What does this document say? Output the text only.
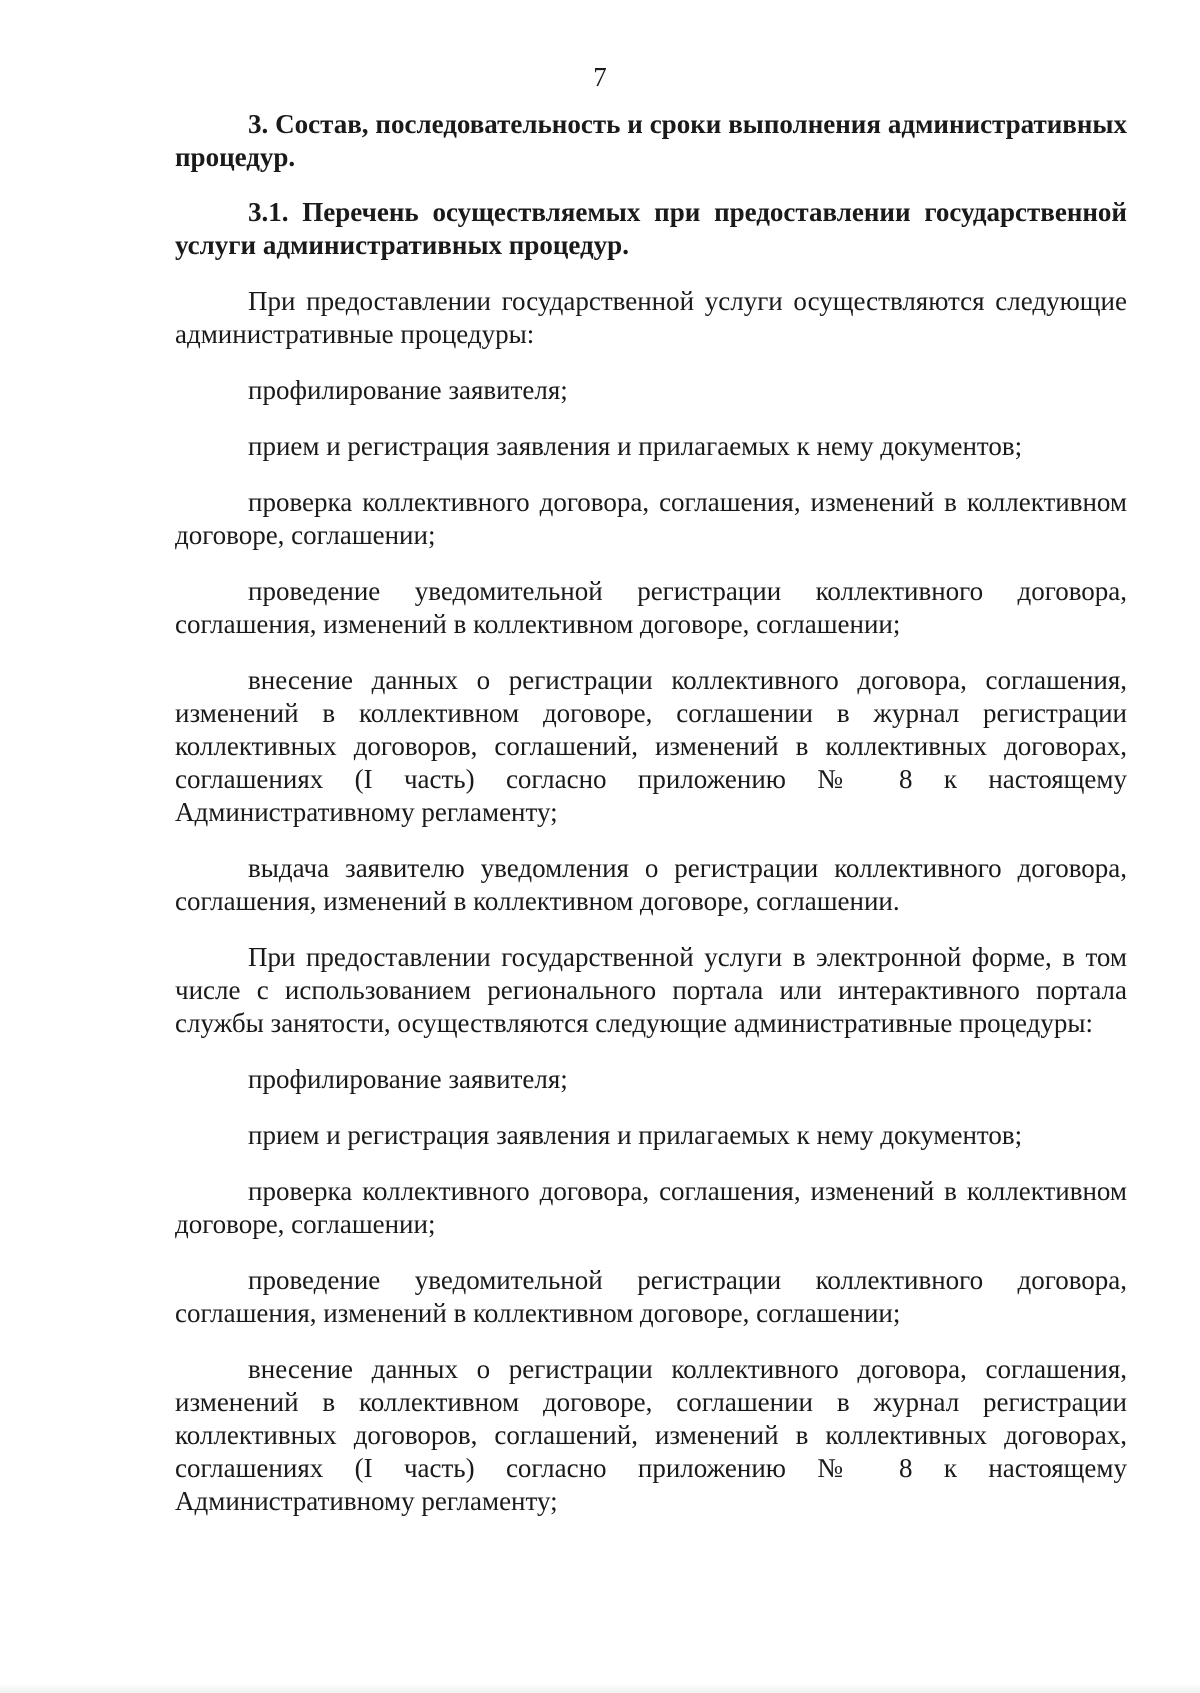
7

3. Состав, последовательность и сроки выполнения административных процедур.

3.1. Перечень осуществляемых при предоставлении государственной услуги административных процедур.

При предоставлении государственной услуги осуществляются следующие административные процедуры:

профилирование заявителя;

прием и регистрация заявления и прилагаемых к нему документов;

проверка коллективного договора, соглашения, изменений в коллективном договоре, соглашении;

проведение уведомительной регистрации коллективного договора, соглашения, изменений в коллективном договоре, соглашении;

внесение данных о регистрации коллективного договора, соглашения, изменений в коллективном договоре, соглашении в журнал регистрации коллективных договоров, соглашений, изменений в коллективных договорах, соглашениях (I часть) согласно приложению № 8 к настоящему Административному регламенту;

выдача заявителю уведомления о регистрации коллективного договора, соглашения, изменений в коллективном договоре, соглашении.

При предоставлении государственной услуги в электронной форме, в том числе с использованием регионального портала или интерактивного портала службы занятости, осуществляются следующие административные процедуры:

профилирование заявителя;

прием и регистрация заявления и прилагаемых к нему документов;

проверка коллективного договора, соглашения, изменений в коллективном договоре, соглашении;

проведение уведомительной регистрации коллективного договора, соглашения, изменений в коллективном договоре, соглашении;

внесение данных о регистрации коллективного договора, соглашения, изменений в коллективном договоре, соглашении в журнал регистрации коллективных договоров, соглашений, изменений в коллективных договорах, соглашениях (I часть) согласно приложению № 8 к настоящему Административному регламенту;
